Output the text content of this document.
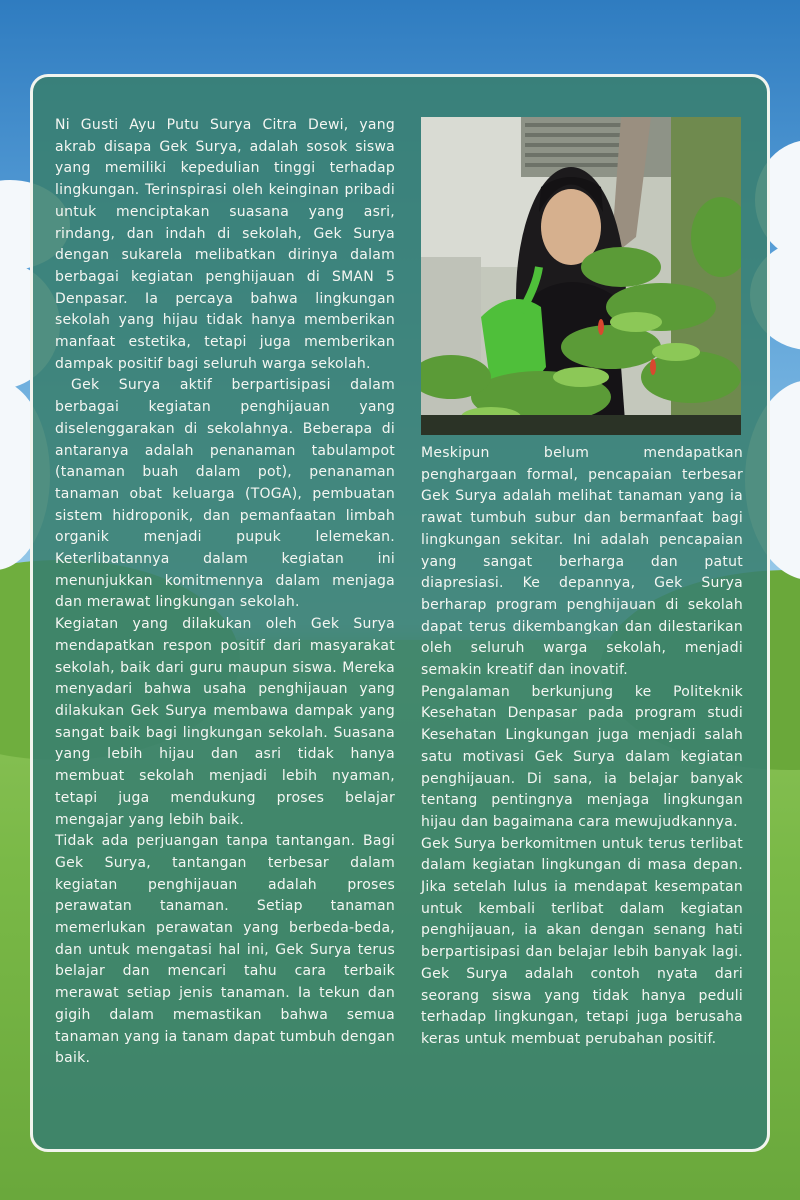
Ni Gusti Ayu Putu Surya Citra Dewi, yang akrab disapa Gek Surya, adalah sosok siswa yang memiliki kepedulian tinggi terhadap lingkungan. Terinspirasi oleh keinginan pribadi untuk menciptakan suasana yang asri, rindang, dan indah di sekolah, Gek Surya dengan sukarela melibatkan dirinya dalam berbagai kegiatan penghijauan di SMAN 5 Denpasar. Ia percaya bahwa lingkungan sekolah yang hijau tidak hanya memberikan manfaat estetika, tetapi juga memberikan dampak positif bagi seluruh warga sekolah.

Gek Surya aktif berpartisipasi dalam berbagai kegiatan penghijauan yang diselenggarakan di sekolahnya. Beberapa di antaranya adalah penanaman tabulampot (tanaman buah dalam pot), penanaman tanaman obat keluarga (TOGA), pembuatan sistem hidroponik, dan pemanfaatan limbah organik menjadi pupuk lelemekan. Keterlibatannya dalam kegiatan ini menunjukkan komitmennya dalam menjaga dan merawat lingkungan sekolah.

Kegiatan yang dilakukan oleh Gek Surya mendapatkan respon positif dari masyarakat sekolah, baik dari guru maupun siswa. Mereka menyadari bahwa usaha penghijauan yang dilakukan Gek Surya membawa dampak yang sangat baik bagi lingkungan sekolah. Suasana yang lebih hijau dan asri tidak hanya membuat sekolah menjadi lebih nyaman, tetapi juga mendukung proses belajar mengajar yang lebih baik.

Tidak ada perjuangan tanpa tantangan. Bagi Gek Surya, tantangan terbesar dalam kegiatan penghijauan adalah proses perawatan tanaman. Setiap tanaman memerlukan perawatan yang berbeda-beda, dan untuk mengatasi hal ini, Gek Surya terus belajar dan mencari tahu cara terbaik merawat setiap jenis tanaman. Ia tekun dan gigih dalam memastikan bahwa semua tanaman yang ia tanam dapat tumbuh dengan baik.

Meskipun belum mendapatkan penghargaan formal, pencapaian terbesar Gek Surya adalah melihat tanaman yang ia rawat tumbuh subur dan bermanfaat bagi lingkungan sekitar. Ini adalah pencapaian yang sangat berharga dan patut diapresiasi. Ke depannya, Gek Surya berharap program penghijauan di sekolah dapat terus dikembangkan dan dilestarikan oleh seluruh warga sekolah, menjadi semakin kreatif dan inovatif.

Pengalaman berkunjung ke Politeknik Kesehatan Denpasar pada program studi Kesehatan Lingkungan juga menjadi salah satu motivasi Gek Surya dalam kegiatan penghijauan. Di sana, ia belajar banyak tentang pentingnya menjaga lingkungan hijau dan bagaimana cara mewujudkannya.

Gek Surya berkomitmen untuk terus terlibat dalam kegiatan lingkungan di masa depan. Jika setelah lulus ia mendapat kesempatan untuk kembali terlibat dalam kegiatan penghijauan, ia akan dengan senang hati berpartisipasi dan belajar lebih banyak lagi. Gek Surya adalah contoh nyata dari seorang siswa yang tidak hanya peduli terhadap lingkungan, tetapi juga berusaha keras untuk membuat perubahan positif.
